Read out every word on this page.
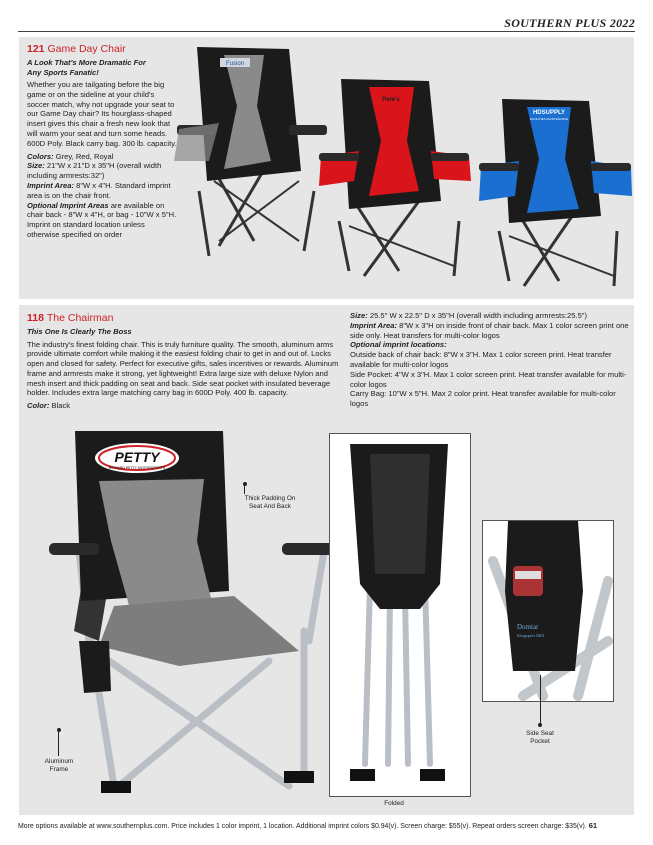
SOUTHERN PLUS 2022
121 Game Day Chair
A Look That's More Dramatic For
Any Sports Fanatic!
Whether you are tailgating before the big game or on the sideline at your child's soccer match, why not upgrade your seat to our Game Day chair? Its hourglass-shaped insert gives this chair a fresh new look that will warm your seat and turn some heads. 600D Poly. Black carry bag. 300 lb. capacity.
Colors: Grey, Red, Royal
Size: 21"W x 21"D x 35"H (overall width including armrests:32")
Imprint Area: 8"W x 4"H. Standard imprint area is on the chair front.
Optional Imprint Areas are available on chair back - 8"W x 4"H, or bag - 10"W x 5"H. Imprint on standard location unless otherwise specified on order
Fusion
Pete's
HDSUPPLY
FACILITIES MAINTENANCE
118 The Chairman
This One Is Clearly The Boss
The industry's finest folding chair. This is truly furniture quality. The smooth, aluminum arms provide ultimate comfort while making it the easiest folding chair to get in and out of. Locks open and closed for safety. Perfect for executive gifts, sales incentives or rewards. Aluminum frame and armrests make it strong, yet lightweight! Extra large size with deluxe Nylon and mesh insert and thick padding on seat and back. Side seat pocket with insulated beverage holder. Includes extra large matching carry bag in 600D Poly. 400 lb. capacity.
Color: Black
Size: 25.5" W x 22.5" D x 35"H (overall width including armrests:25.5")
Imprint Area: 8"W x 3"H on inside front of chair back. Max 1 color screen print one side only. Heat transfers for multi-color logos
Optional imprint locations:
Outside back of chair back: 8"W x 3"H. Max 1 color screen print. Heat transfer available for multi-color logos
Side Pocket: 4"W x 3"H. Max 1 color screen print. Heat transfer available for multi-color logos
Carry Bag: 10"W x 5"H. Max 2 color print. Heat transfer available for multi-color logos
PETTY
RICHARD PETTY MOTORSPORTS
Thick Padding On
Seat And Back
Aluminum
Frame
Folded
Domtar
Kingsport Mill
Side Seat
Pocket
More options available at www.southernplus.com. Price includes 1 color imprint, 1 location. Additional imprint colors $0.94(v). Screen charge: $55(v). Repeat orders screen charge: $35(v). 61
